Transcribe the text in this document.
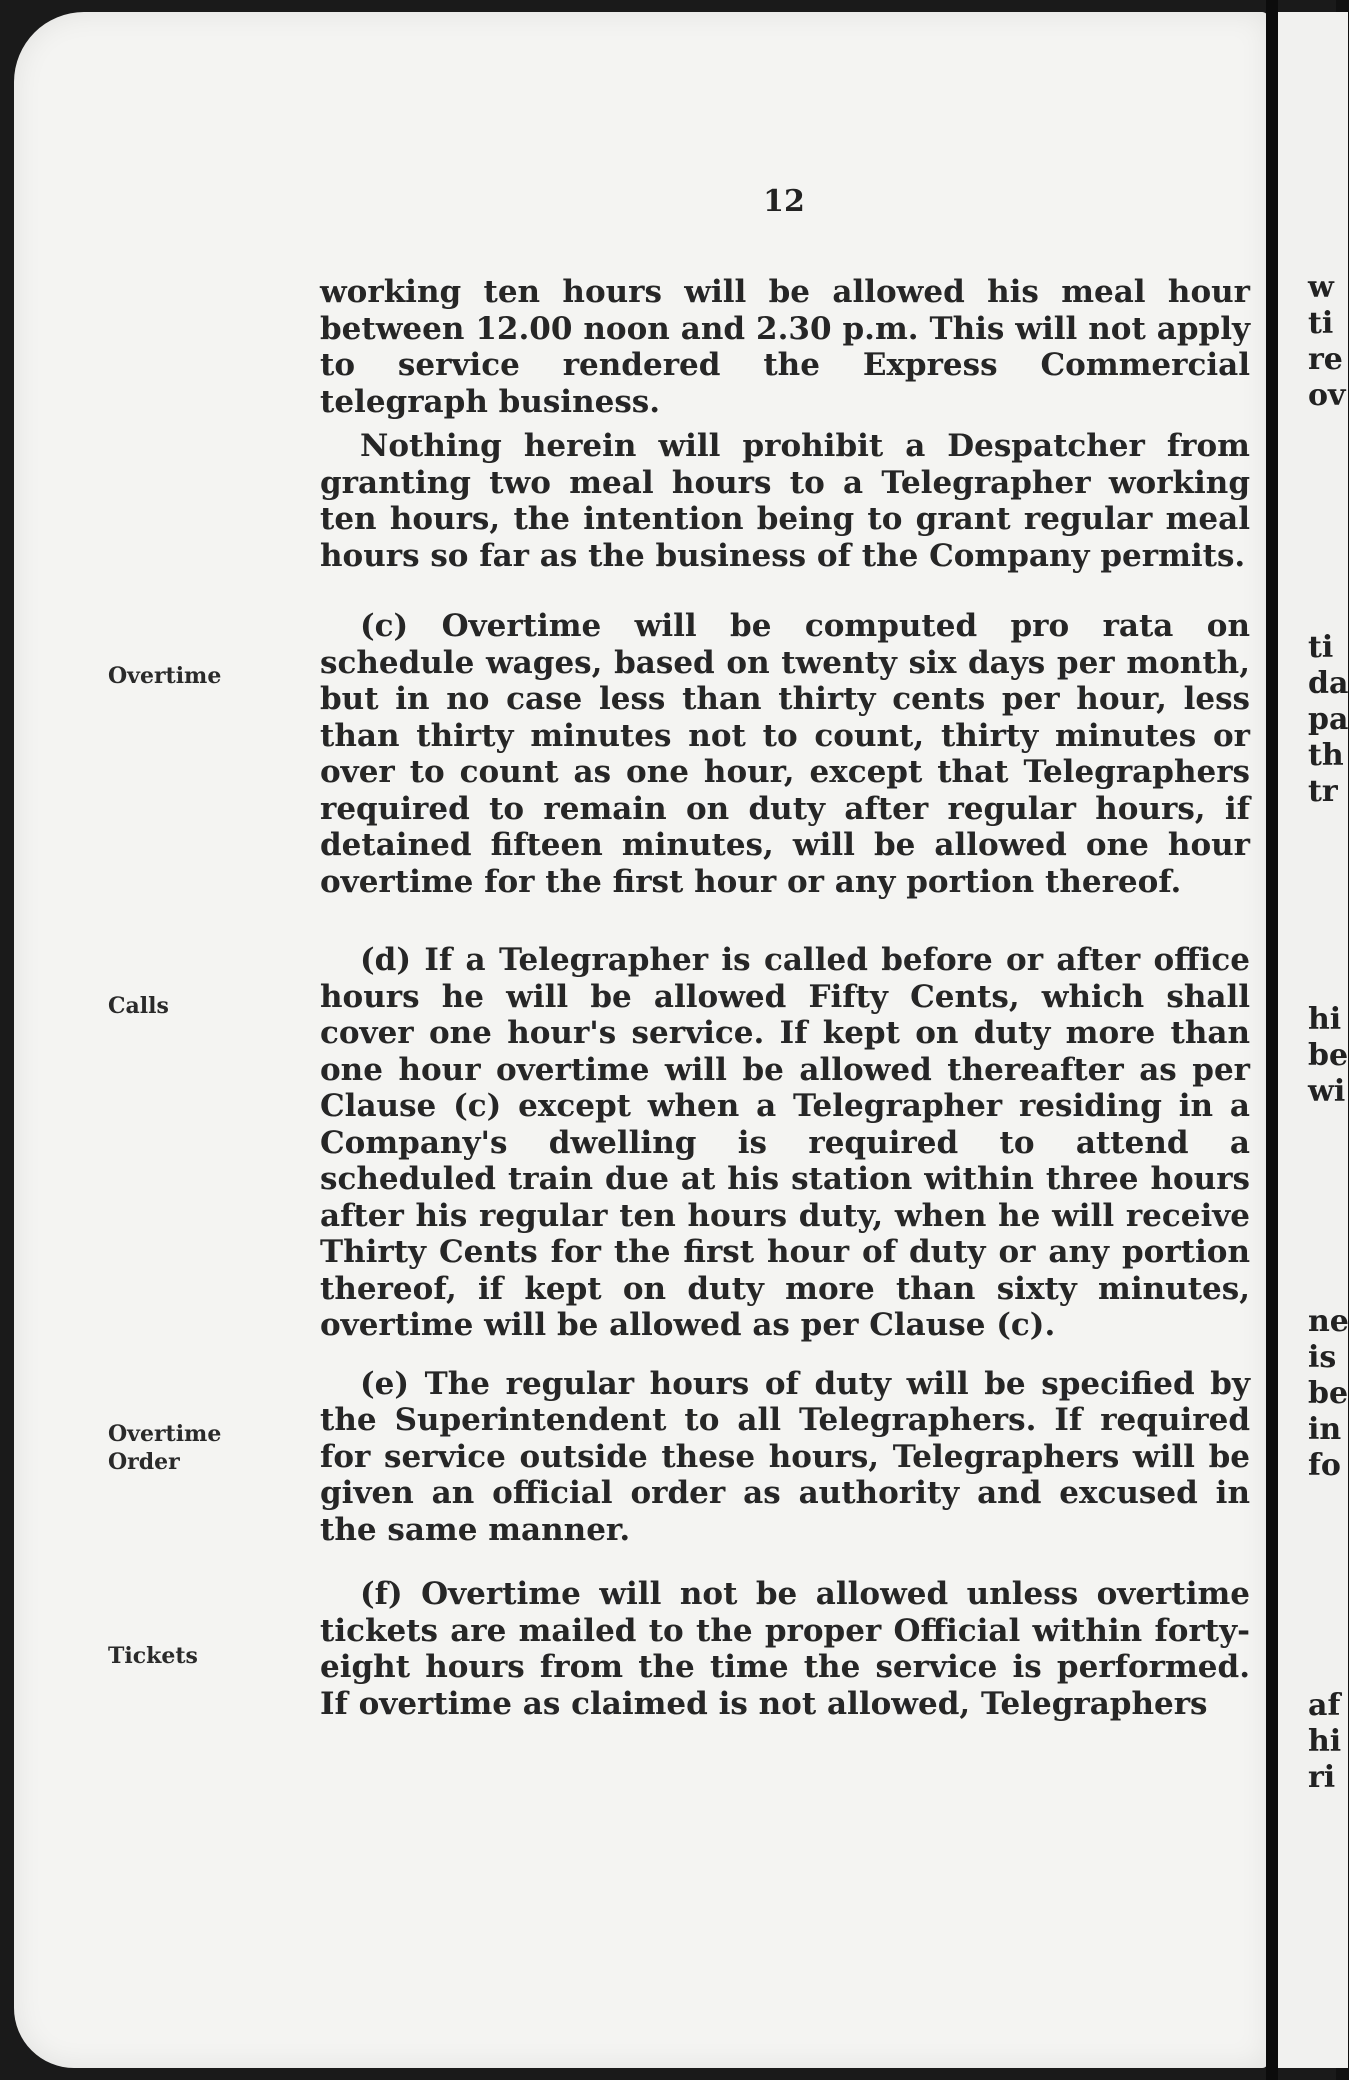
12
Overtime
Calls
Overtime
Order
Tickets

working ten hours will be allowed his meal hour between 12.00 noon and 2.30 p.m. This will not apply to service rendered the Express Commercial telegraph business.

Nothing herein will prohibit a Despatcher from granting two meal hours to a Telegrapher working ten hours, the intention being to grant regular meal hours so far as the business of the Company permits.

(c) Overtime will be computed pro rata on schedule wages, based on twenty six days per month, but in no case less than thirty cents per hour, less than thirty minutes not to count, thirty minutes or over to count as one hour, except that Telegraphers required to remain on duty after regular hours, if detained fifteen minutes, will be allowed one hour overtime for the first hour or any portion thereof.

(d) If a Telegrapher is called before or after office hours he will be allowed Fifty Cents, which shall cover one hour's service. If kept on duty more than one hour overtime will be allowed thereafter as per Clause (c) except when a Telegrapher residing in a Company's dwelling is required to attend a scheduled train due at his station within three hours after his regular ten hours duty, when he will receive Thirty Cents for the first hour of duty or any portion thereof, if kept on duty more than sixty minutes, overtime will be allowed as per Clause (c).

(e) The regular hours of duty will be specified by the Superintendent to all Telegraphers. If required for service outside these hours, Telegraphers will be given an official order as authority and excused in the same manner.

(f) Overtime will not be allowed unless overtime tickets are mailed to the proper Official within forty-eight hours from the time the service is performed. If overtime as claimed is not allowed, Telegraphers

w

ti

re

ov

ti

da

pa

th

tr

hi

be

wi

ne

is

be

in

fo

af

hi

ri
